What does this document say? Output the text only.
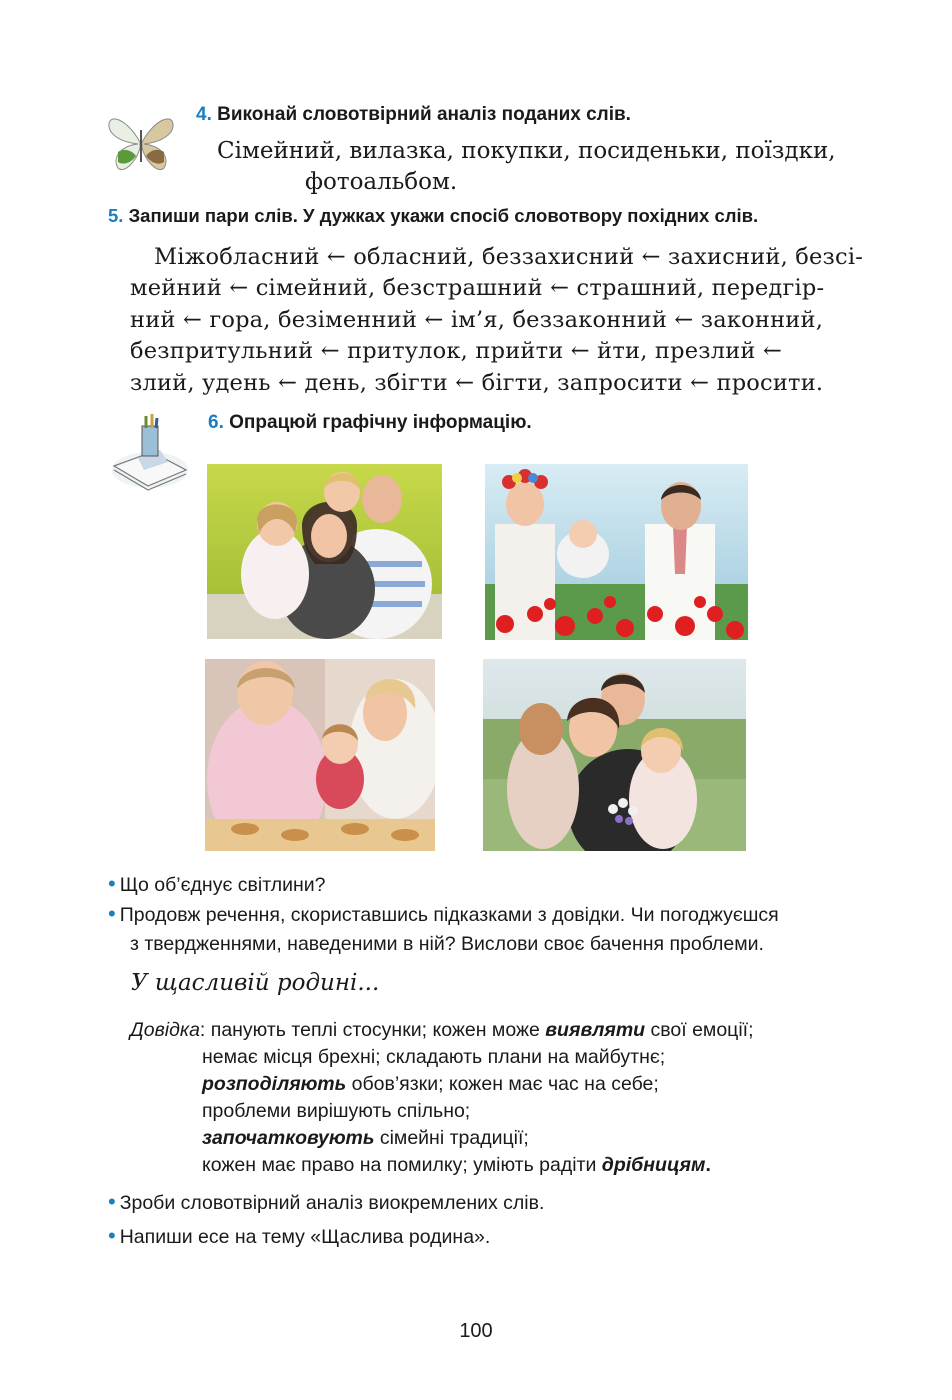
4. Виконай словотвірний аналіз поданих слів.
Сімейний, вилазка, покупки, посиденьки, поїздки,
фотоальбом.
5. Запиши пари слів. У дужках укажи спосіб словотвору похідних слів.
Міжобласний ← обласний, беззахисний ← захисний, безсі-
мейний ← сімейний, безстрашний ← страшний, передгір-
ний ← гора, безіменний ← ім’я, беззаконний ← законний,
безпритульний ← притулок, прийти ← йти, презлий ←
злий, удень ← день, збігти ← бігти, запросити ← просити.
6. Опрацюй графічну інформацію.
• Що об’єднує світлини?
• Продовж речення, скориставшись підказками з довідки. Чи погоджуєшся
з твердженнями, наведеними в ній? Вислови своє бачення проблеми.
У щасливій родині...
Довідка: панують теплі стосунки; кожен може виявляти свої емоції;
немає місця брехні; складають плани на майбутнє;
розподіляють обов’язки; кожен має час на себе;
проблеми вирішують спільно;
започатковують сімейні традиції;
кожен має право на помилку; уміють радіти дрібницям.
• Зроби словотвірний аналіз виокремлених слів.
• Напиши есе на тему «Щаслива родина».
100
